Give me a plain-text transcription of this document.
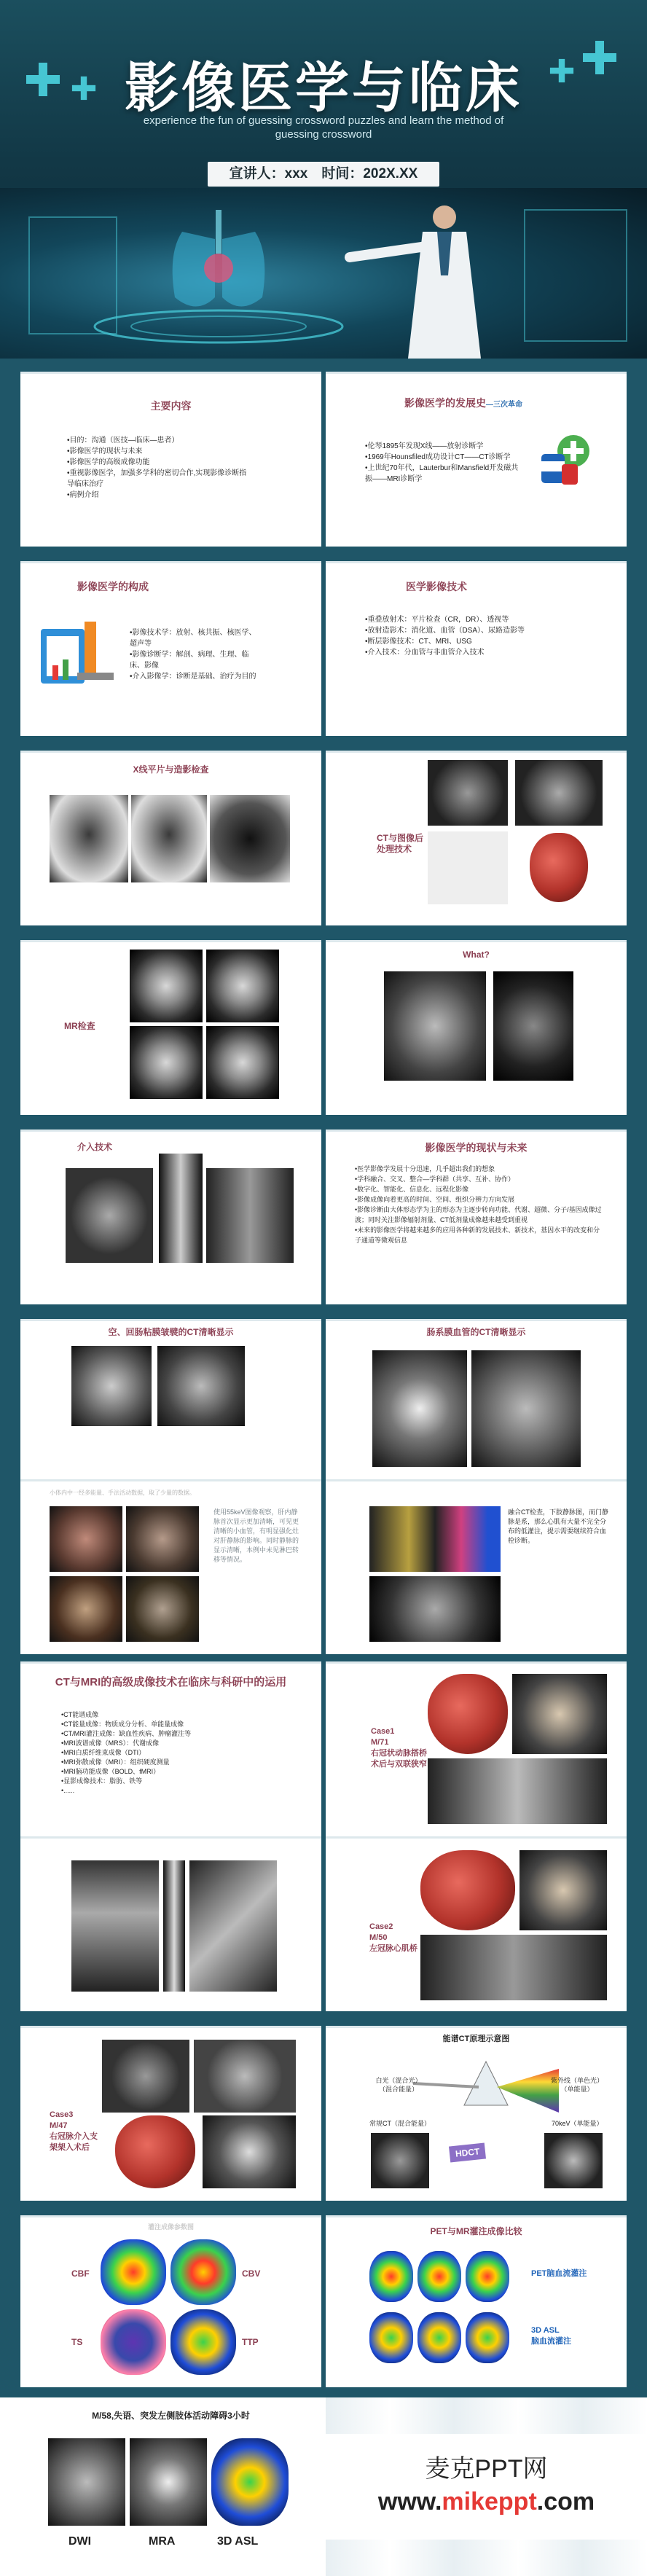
影像医学与临床
experience the fun of guessing crossword puzzles and learn the method of guessing crossword
宣讲人：xxx　时间：202X.XX
主要内容
•目的：沟通（医技—临床—患者）
•影像医学的现状与未来
•影像医学的高级成像功能
•重视影像医学，加强多学科的密切合作,实现影像诊断指导临床治疗
•病例介绍
影像医学的发展史—三次革命
•伦琴1895年发现X线——放射诊断学
•1969年Hounsfiled成功设计CT——CT诊断学
•上世纪70年代，Lauterbur和Mansfield开发磁共振——MRI诊断学
影像医学的构成
•影像技术学：放射、核共振、核医学、超声等
•影像诊断学：解剖、病理、生理、临床、影像
•介入影像学：诊断是基础、治疗为目的
医学影像技术
•重叠放射术：平片检查（CR，DR）、透视等
•放射造影术：消化道、血管（DSA）、尿路造影等
•断层影像技术：CT、MRI、USG
•介入技术：分血管与非血管介入技术
X线平片与造影检查
CT与图像后处理技术
MR检查
What?
介入技术	影像医学的现状与未来
•医学影像学发展十分迅速，几乎超出我们的想象
•学科融合、交叉、整合—学科群（共享、互补、协作）
•数字化、智能化、信息化、远程化影像
•影像成像向着更高的时间、空间、组织分辨力方向发展
•影像诊断由大体形态学为主的形态为主逐步转向功能、代谢、超微、分子/基因成像过渡；同时关注影像辐射剂量、CT低剂量成像越来越受到重视
•未来的影像医学将越来越多的应用各种新的发展技术、新技术，基因水平的改变和分子通道等微观信息
空、回肠粘膜皱襞的CT清晰显示	肠系膜血管的CT清晰显示
小体内中一经多能量、手法活动数据，取了少量的数据。
使用55keV图像观察，肝内静脉首次显示更加清晰，可见更清晰的小血管，有明显强化灶对肝静脉的影响。同时静脉的显示清晰，本例中未见淋巴转移等情况。
融合CT检查，下肢静脉图，而门静脉是系，那么心肌有大量不完全分布的低灌注，提示需要继续符合血栓诊断。
CT与MRI的高级成像技术在临床与科研中的运用
•CT能谱成像
•CT能量成像：物质成分分析、单能量成像
•CT/MRI灌注成像：缺血性疾病、肿瘤灌注等
•MRI波谱成像（MRS）：代谢成像
•MRI白质纤维束成像（DTI）
•MRI弥散成像（MRI）：组织硬度测量
•MRI脑功能成像（BOLD、fMRI）
•显影成像技术：脂肪、铁等
•......
Case1
M/71
右冠状动脉搭桥术后与双联狭窄
Case2
M/50
左冠脉心肌桥
Case3
M/47
右冠脉介入支架架入术后
能谱CT原理示意图
白光（混合光）
（混合能量）
紫外线（单色光）
（单能量）
常规CT（混合能量）	70keV（单能量）
HDCT
灌注成像参数图
CBF	CBV
TS	TTP
PET与MR灌注成像比较
PET脑血流灌注
3D ASL
脑血流灌注
M/58,失语、突发左侧肢体活动障碍3小时
DWI	MRA	3D ASL
麦克PPT网
www.mikeppt.com
